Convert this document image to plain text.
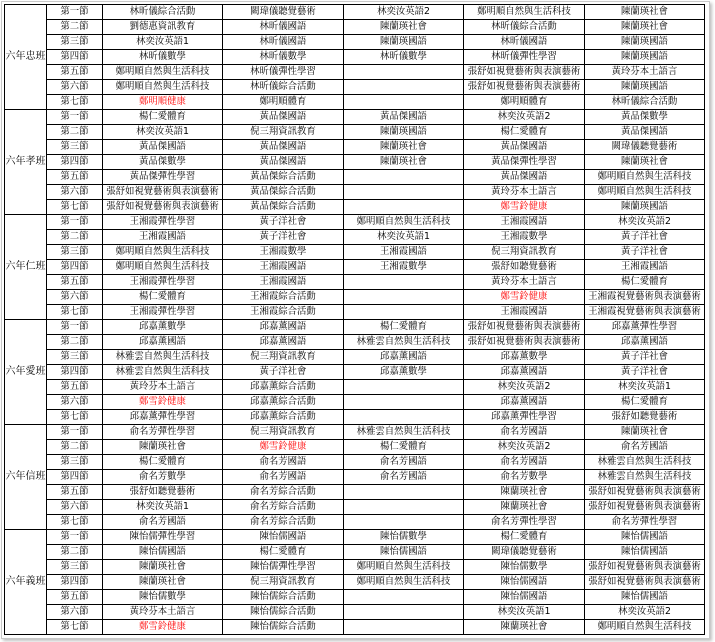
六年忠班	第一節	林昕儀綜合活動	闕瑋儀聽覺藝術	林奕汝英語2	鄭明順自然與生活科技	陳蘭瑛社會
	第二節	劉德惠資訊教育	林昕儀國語	陳蘭瑛社會	林昕儀綜合活動	陳蘭瑛社會
	第三節	林奕汝英語1	林昕儀國語	陳蘭瑛國語	林昕儀國語	陳蘭瑛國語
	第四節	林昕儀數學	林昕儀數學	林昕儀數學	林昕儀彈性學習	陳蘭瑛國語
	第五節	鄭明順自然與生活科技	林昕儀彈性學習		張舒如視覺藝術與表演藝術	黃玲芬本土語言
	第六節	鄭明順自然與生活科技	林昕儀綜合活動		張舒如視覺藝術與表演藝術	陳蘭瑛國語
	第七節	鄭明順健康	鄭明順體育		鄭明順體育	林昕儀綜合活動
六年孝班	第一節	楊仁愛體育	黃品傑國語	黃品傑國語	林奕汝英語2	黃品傑數學
	第二節	林奕汝英語1	倪三翔資訊教育	陳蘭瑛國語	楊仁愛體育	黃品傑國語
	第三節	黃品傑國語	黃品傑國語	陳蘭瑛社會	黃品傑國語	闕瑋儀聽覺藝術
	第四節	黃品傑數學	黃品傑國語	陳蘭瑛社會	黃品傑彈性學習	陳蘭瑛社會
	第五節	黃品傑彈性學習	黃品傑綜合活動		黃品傑國語	鄭明順自然與生活科技
	第六節	張舒如視覺藝術與表演藝術	黃品傑綜合活動		黃玲芬本土語言	鄭明順自然與生活科技
	第七節	張舒如視覺藝術與表演藝術	黃品傑綜合活動		鄭雪鈴健康	陳蘭瑛國語
六年仁班	第一節	王湘霞彈性學習	黃子洋社會	鄭明順自然與生活科技	王湘霞國語	林奕汝英語2
	第二節	王湘霞國語	黃子洋社會	林奕汝英語1	王湘霞數學	黃子洋社會
	第三節	鄭明順自然與生活科技	王湘霞數學	王湘霞國語	倪三翔資訊教育	黃子洋社會
	第四節	鄭明順自然與生活科技	王湘霞國語	王湘霞數學	張舒如聽覺藝術	王湘霞國語
	第五節	王湘霞彈性學習	王湘霞國語		黃玲芬本土語言	楊仁愛體育
	第六節	楊仁愛體育	王湘霞綜合活動		鄭雪鈴健康	王湘霞視覺藝術與表演藝術
	第七節	王湘霞彈性學習	王湘霞綜合活動		王湘霞國語	王湘霞視覺藝術與表演藝術
六年愛班	第一節	邱嘉薰數學	邱嘉薰國語	楊仁愛體育	張舒如視覺藝術與表演藝術	邱嘉薰彈性學習
	第二節	邱嘉薰國語	邱嘉薰國語	林雅雲自然與生活科技	張舒如視覺藝術與表演藝術	邱嘉薰國語
	第三節	林雅雲自然與生活科技	倪三翔資訊教育	邱嘉薰國語	邱嘉薰數學	黃子洋社會
	第四節	林雅雲自然與生活科技	黃子洋社會	邱嘉薰數學	邱嘉薰國語	黃子洋社會
	第五節	黃玲芬本土語言	邱嘉薰綜合活動		林奕汝英語2	林奕汝英語1
	第六節	鄭雪鈴健康	邱嘉薰綜合活動		邱嘉薰國語	楊仁愛體育
	第七節	邱嘉薰彈性學習	邱嘉薰綜合活動		邱嘉薰彈性學習	張舒如聽覺藝術
六年信班	第一節	俞名芳彈性學習	倪三翔資訊教育	林雅雲自然與生活科技	俞名芳國語	陳蘭瑛社會
	第二節	陳蘭瑛社會	鄭雪鈴健康	楊仁愛體育	林奕汝英語2	俞名芳國語
	第三節	楊仁愛體育	俞名芳國語	俞名芳國語	俞名芳國語	林雅雲自然與生活科技
	第四節	俞名芳數學	俞名芳國語	俞名芳國語	俞名芳數學	林雅雲自然與生活科技
	第五節	張舒如聽覺藝術	俞名芳綜合活動		陳蘭瑛社會	張舒如視覺藝術與表演藝術
	第六節	林奕汝英語1	俞名芳綜合活動		陳蘭瑛社會	張舒如視覺藝術與表演藝術
	第七節	俞名芳國語	俞名芳綜合活動		俞名芳彈性學習	俞名芳彈性學習
六年義班	第一節	陳怡儒彈性學習	陳怡儒國語	陳怡儒數學	楊仁愛體育	陳怡儒國語
	第二節	陳怡儒國語	楊仁愛體育	陳怡儒國語	闕瑋儀聽覺藝術	陳怡儒國語
	第三節	陳蘭瑛社會	陳怡儒彈性學習	鄭明順自然與生活科技	陳怡儒數學	張舒如視覺藝術與表演藝術
	第四節	陳蘭瑛社會	倪三翔資訊教育	鄭明順自然與生活科技	陳怡儒國語	張舒如視覺藝術與表演藝術
	第五節	陳怡儒數學	陳怡儒綜合活動		陳怡儒國語	陳怡儒國語
	第六節	黃玲芬本土語言	陳怡儒綜合活動		林奕汝英語1	林奕汝英語2
	第七節	鄭雪鈴健康	陳怡儒綜合活動		陳蘭瑛社會	鄭明順自然與生活科技
